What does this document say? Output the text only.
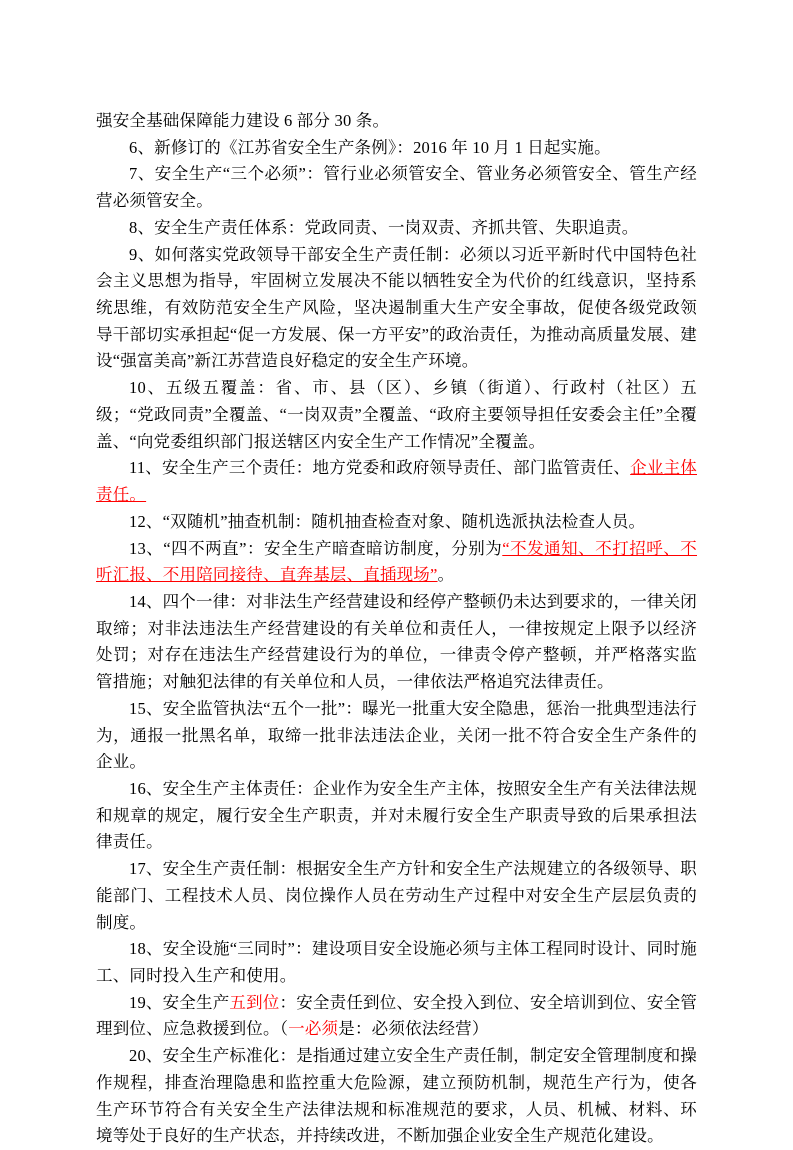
强安全基础保障能力建设 6 部分 30 条。

6、新修订的《江苏省安全生产条例》：2016 年 10 月 1 日起实施。

7、安全生产“三个必须”：管行业必须管安全、管业务必须管安全、管生产经营必须管安全。

8、安全生产责任体系：党政同责、一岗双责、齐抓共管、失职追责。

9、如何落实党政领导干部安全生产责任制：必须以习近平新时代中国特色社会主义思想为指导，牢固树立发展决不能以牺牲安全为代价的红线意识，坚持系统思维，有效防范安全生产风险，坚决遏制重大生产安全事故，促使各级党政领导干部切实承担起“促一方发展、保一方平安”的政治责任，为推动高质量发展、建设“强富美高”新江苏营造良好稳定的安全生产环境。

10、五级五覆盖：省、市、县（区）、乡镇（街道）、行政村（社区）五级；“党政同责”全覆盖、“一岗双责”全覆盖、“政府主要领导担任安委会主任”全覆盖、“向党委组织部门报送辖区内安全生产工作情况”全覆盖。

11、安全生产三个责任：地方党委和政府领导责任、部门监管责任、企业主体责任。

12、“双随机”抽查机制：随机抽查检查对象、随机选派执法检查人员。

13、“四不两直”：安全生产暗查暗访制度，分别为“不发通知、不打招呼、不听汇报、不用陪同接待、直奔基层、直插现场”。

14、四个一律：对非法生产经营建设和经停产整顿仍未达到要求的，一律关闭取缔；对非法违法生产经营建设的有关单位和责任人，一律按规定上限予以经济处罚；对存在违法生产经营建设行为的单位，一律责令停产整顿，并严格落实监管措施；对触犯法律的有关单位和人员，一律依法严格追究法律责任。

15、安全监管执法“五个一批”：曝光一批重大安全隐患，惩治一批典型违法行为，通报一批黑名单，取缔一批非法违法企业，关闭一批不符合安全生产条件的企业。

16、安全生产主体责任：企业作为安全生产主体，按照安全生产有关法律法规和规章的规定，履行安全生产职责，并对未履行安全生产职责导致的后果承担法律责任。

17、安全生产责任制：根据安全生产方针和安全生产法规建立的各级领导、职能部门、工程技术人员、岗位操作人员在劳动生产过程中对安全生产层层负责的制度。

18、安全设施“三同时”：建设项目安全设施必须与主体工程同时设计、同时施工、同时投入生产和使用。

19、安全生产五到位：安全责任到位、安全投入到位、安全培训到位、安全管理到位、应急救援到位。（一必须是：必须依法经营）

20、安全生产标准化：是指通过建立安全生产责任制，制定安全管理制度和操作规程，排查治理隐患和监控重大危险源，建立预防机制，规范生产行为，使各生产环节符合有关安全生产法律法规和标准规范的要求，人员、机械、材料、环境等处于良好的生产状态，并持续改进，不断加强企业安全生产规范化建设。
